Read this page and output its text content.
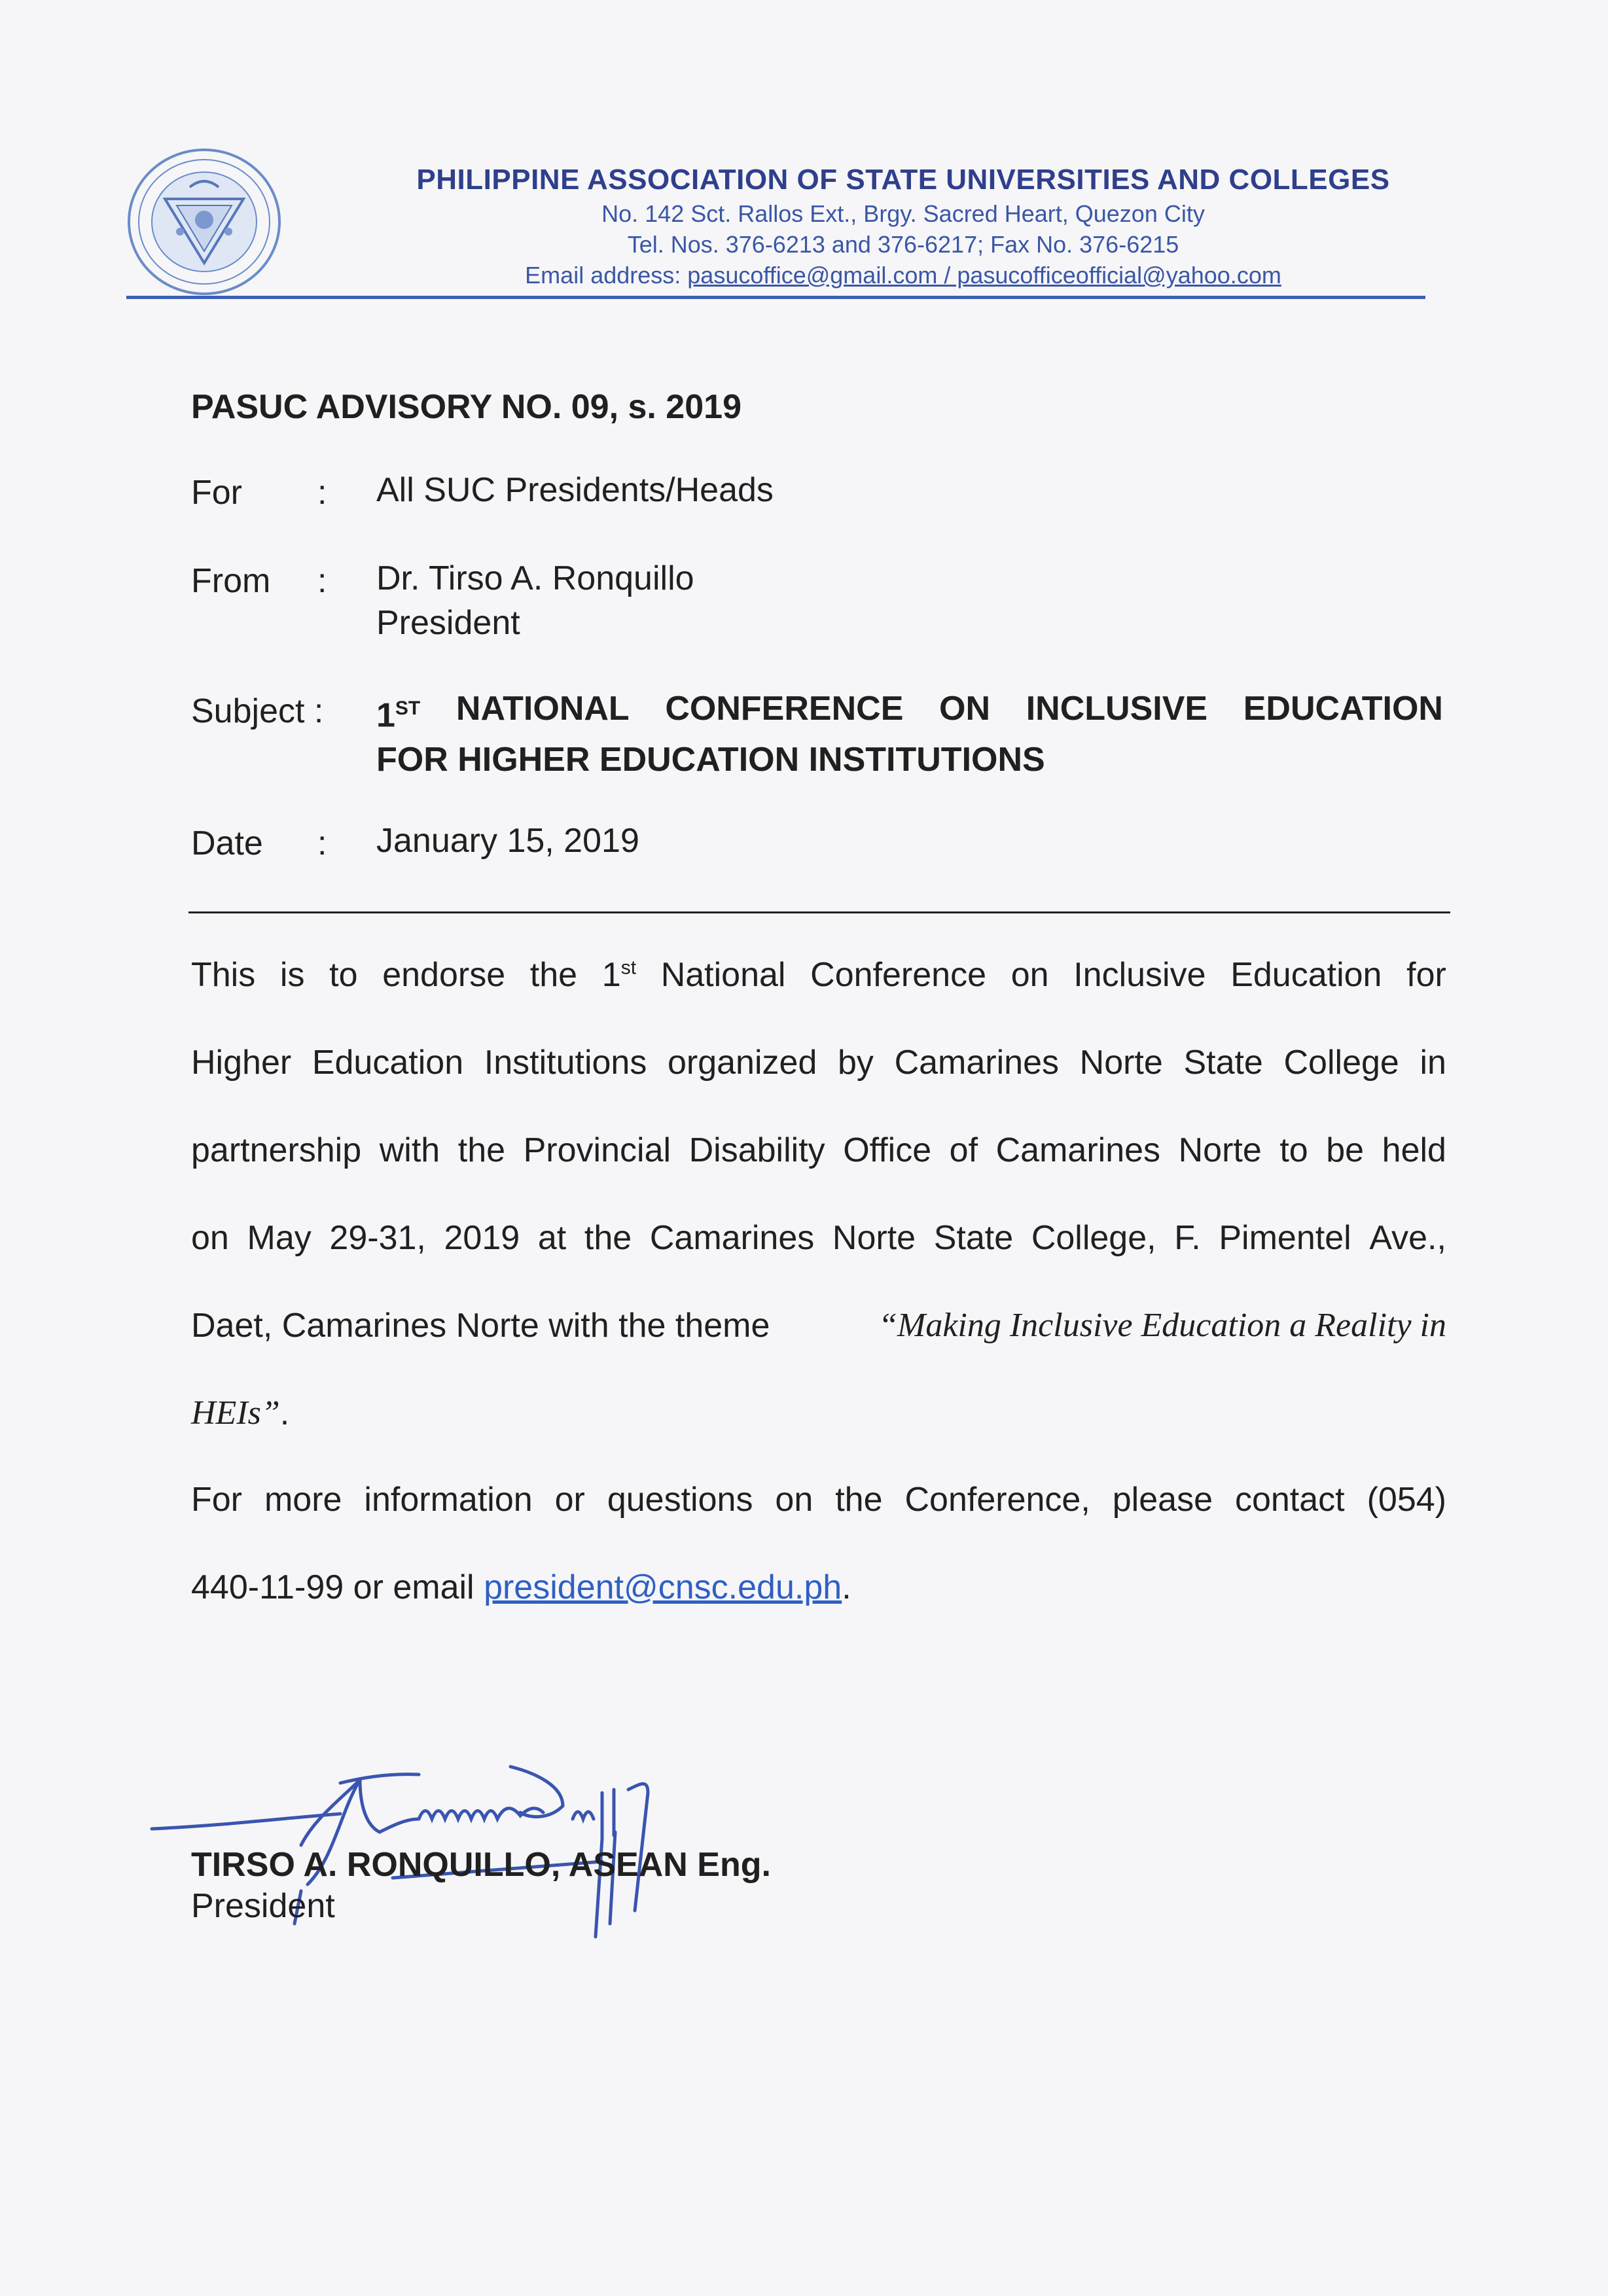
PHILIPPINE ASSOCIATION OF STATE UNIVERSITIES AND COLLEGES
No. 142 Sct. Rallos Ext., Brgy. Sacred Heart, Quezon City
Tel. Nos. 376-6213 and 376-6217; Fax No. 376-6215
Email address: pasucoffice@gmail.com / pasucofficeofficial@yahoo.com
PASUC ADVISORY NO. 09, s. 2019
For : All SUC Presidents/Heads
From : Dr. Tirso A. Ronquillo
President
Subject : 1ST NATIONAL CONFERENCE ON INCLUSIVE EDUCATION
FOR HIGHER EDUCATION INSTITUTIONS
Date : January 15, 2019
This is to endorse the 1st National Conference on Inclusive Education for
Higher Education Institutions organized by Camarines Norte State College in
partnership with the Provincial Disability Office of Camarines Norte to be held
on May 29-31, 2019 at the Camarines Norte State College, F. Pimentel Ave.,
Daet, Camarines Norte with the theme	“Making Inclusive Education a Reality in
HEIs” .
For more information or questions on the Conference, please contact (054)
440-11-99 or email president@cnsc.edu.ph .
TIRSO A. RONQUILLO, ASEAN Eng.
President
